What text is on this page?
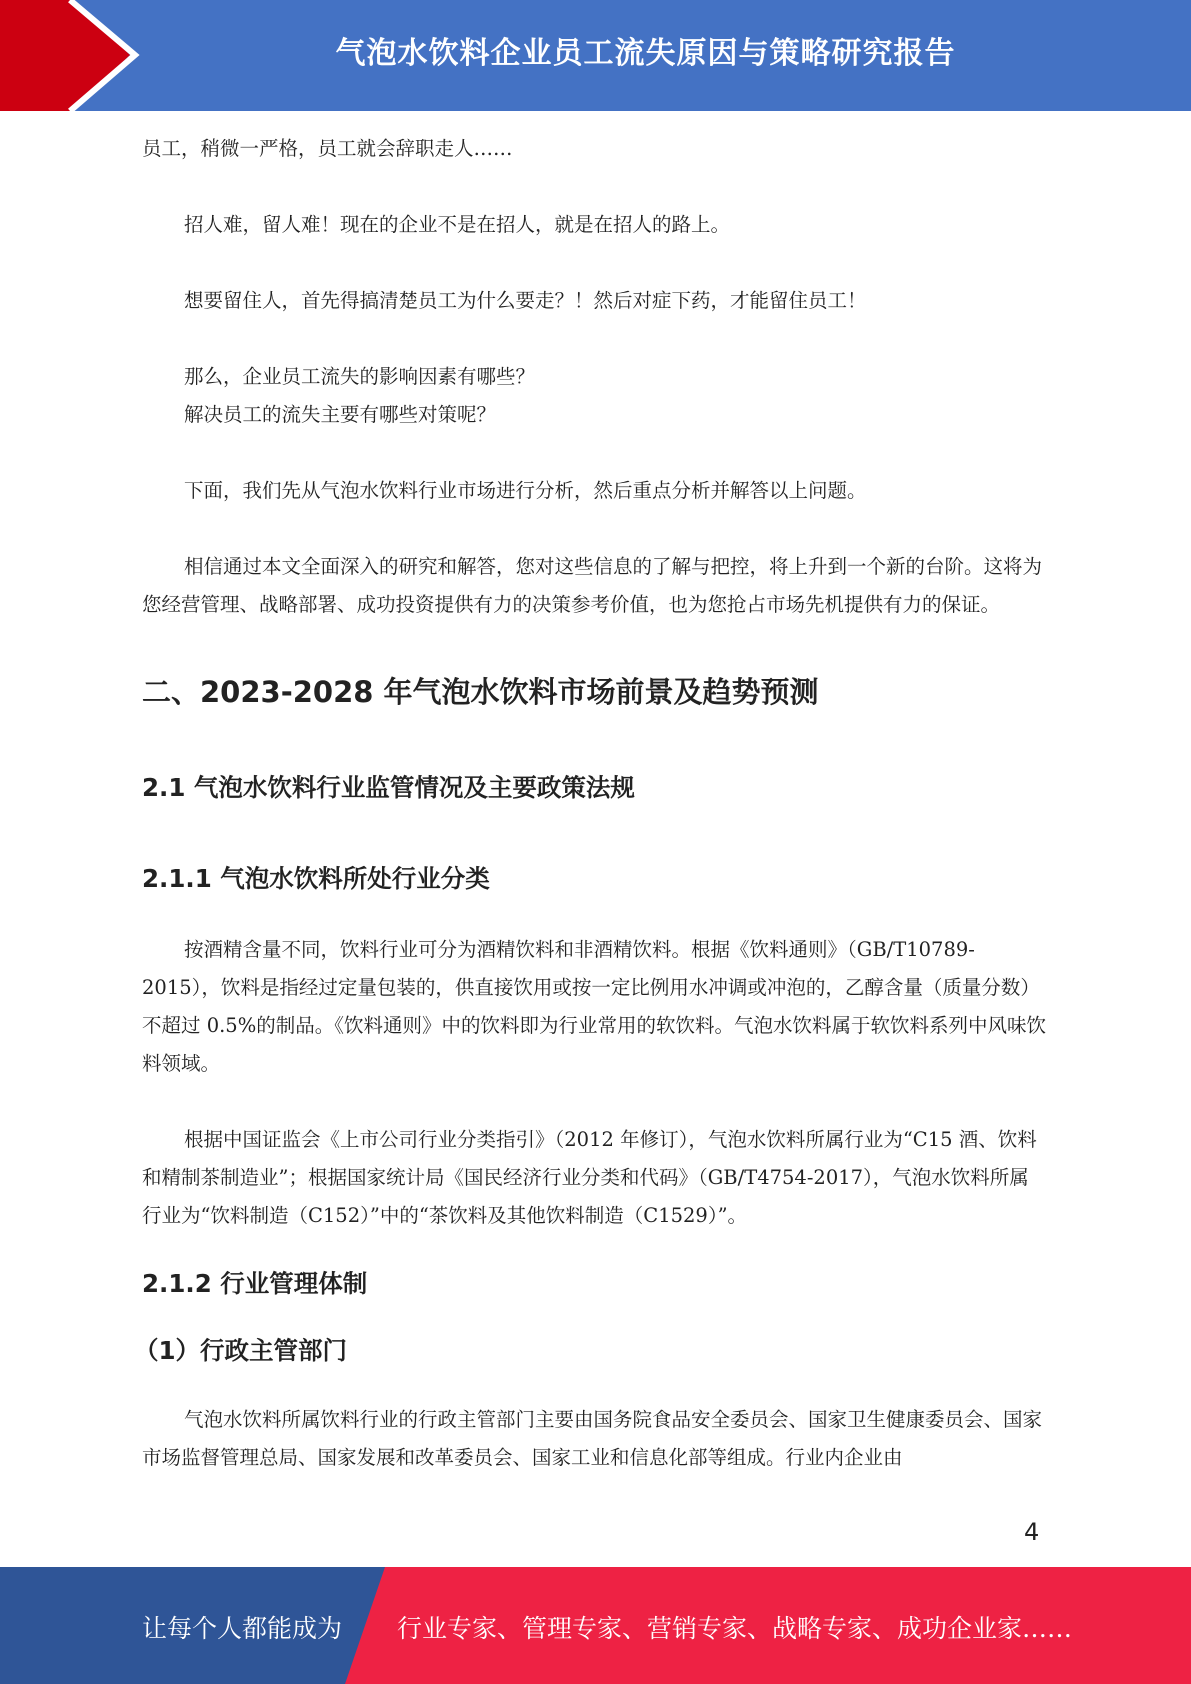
气泡水饮料企业员工流失原因与策略研究报告

员工，稍微一严格，员工就会辞职走人……

招人难，留人难！现在的企业不是在招人，就是在招人的路上。

想要留住人，首先得搞清楚员工为什么要走？！然后对症下药，才能留住员工！

那么，企业员工流失的影响因素有哪些？

解决员工的流失主要有哪些对策呢？

下面，我们先从气泡水饮料行业市场进行分析，然后重点分析并解答以上问题。

相信通过本文全面深入的研究和解答，您对这些信息的了解与把控，将上升到一个新的台阶。这将为您经营管理、战略部署、成功投资提供有力的决策参考价值，也为您抢占市场先机提供有力的保证。

二、2023-2028 年气泡水饮料市场前景及趋势预测
2.1 气泡水饮料行业监管情况及主要政策法规
2.1.1 气泡水饮料所处行业分类

按酒精含量不同，饮料行业可分为酒精饮料和非酒精饮料。根据《饮料通则》（GB/T10789-2015），饮料是指经过定量包装的，供直接饮用或按一定比例用水冲调或冲泡的，乙醇含量（质量分数）不超过 0.5%的制品。《饮料通则》中的饮料即为行业常用的软饮料。气泡水饮料属于软饮料系列中风味饮料领域。

根据中国证监会《上市公司行业分类指引》（2012 年修订），气泡水饮料所属行业为“C15 酒、饮料和精制茶制造业”；根据国家统计局《国民经济行业分类和代码》（GB/T4754-2017），气泡水饮料所属行业为“饮料制造（C152）”中的“茶饮料及其他饮料制造（C1529）”。

2.1.2 行业管理体制
（1）行政主管部门

气泡水饮料所属饮料行业的行政主管部门主要由国务院食品安全委员会、国家卫生健康委员会、国家市场监督管理总局、国家发展和改革委员会、国家工业和信息化部等组成。行业内企业由

4
让每个人都能成为 行业专家、管理专家、营销专家、战略专家、成功企业家……
